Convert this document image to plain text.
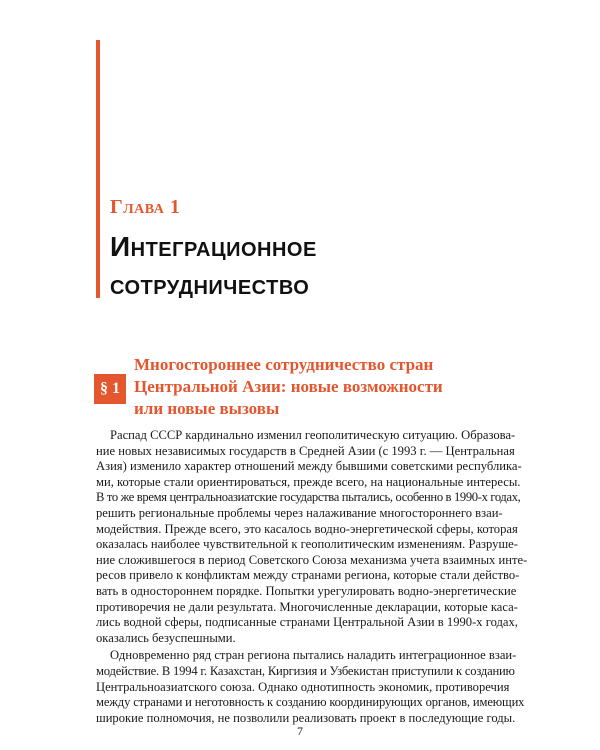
Глава 1
Интеграционное
сотрудничество
§ 1
Многостороннее сотрудничество стран
Центральной Азии: новые возможности
или новые вызовы

Распад СССР кардинально изменил геополитическую ситуацию. Образова-
ние новых независимых государств в Средней Азии (с 1993 г. — Центральная
Азия) изменило характер отношений между бывшими советскими республика-
ми, которые стали ориентироваться, прежде всего, на национальные интересы.
В то же время центральноазиатские государства пытались, особенно в 1990-х годах,
решить региональные проблемы через налаживание многостороннего взаи-
модействия. Прежде всего, это касалось водно-энергетической сферы, которая
оказалась наиболее чувствительной к геополитическим изменениям. Разруше-
ние сложившегося в период Советского Союза механизма учета взаимных инте-
ресов привело к конфликтам между странами региона, которые стали действо-
вать в одностороннем порядке. Попытки урегулировать водно-энергетические
противоречия не дали результата. Многочисленные декларации, которые каса-
лись водной сферы, подписанные странами Центральной Азии в 1990-х годах,
оказались безуспешными.

Одновременно ряд стран региона пытались наладить интеграционное взаи-
модействие. В 1994 г. Казахстан, Киргизия и Узбекистан приступили к созданию
Центральноазиатского союза. Однако однотипность экономик, противоречия
между странами и неготовность к созданию координирующих органов, имеющих
широкие полномочия, не позволили реализовать проект в последующие годы.

7
